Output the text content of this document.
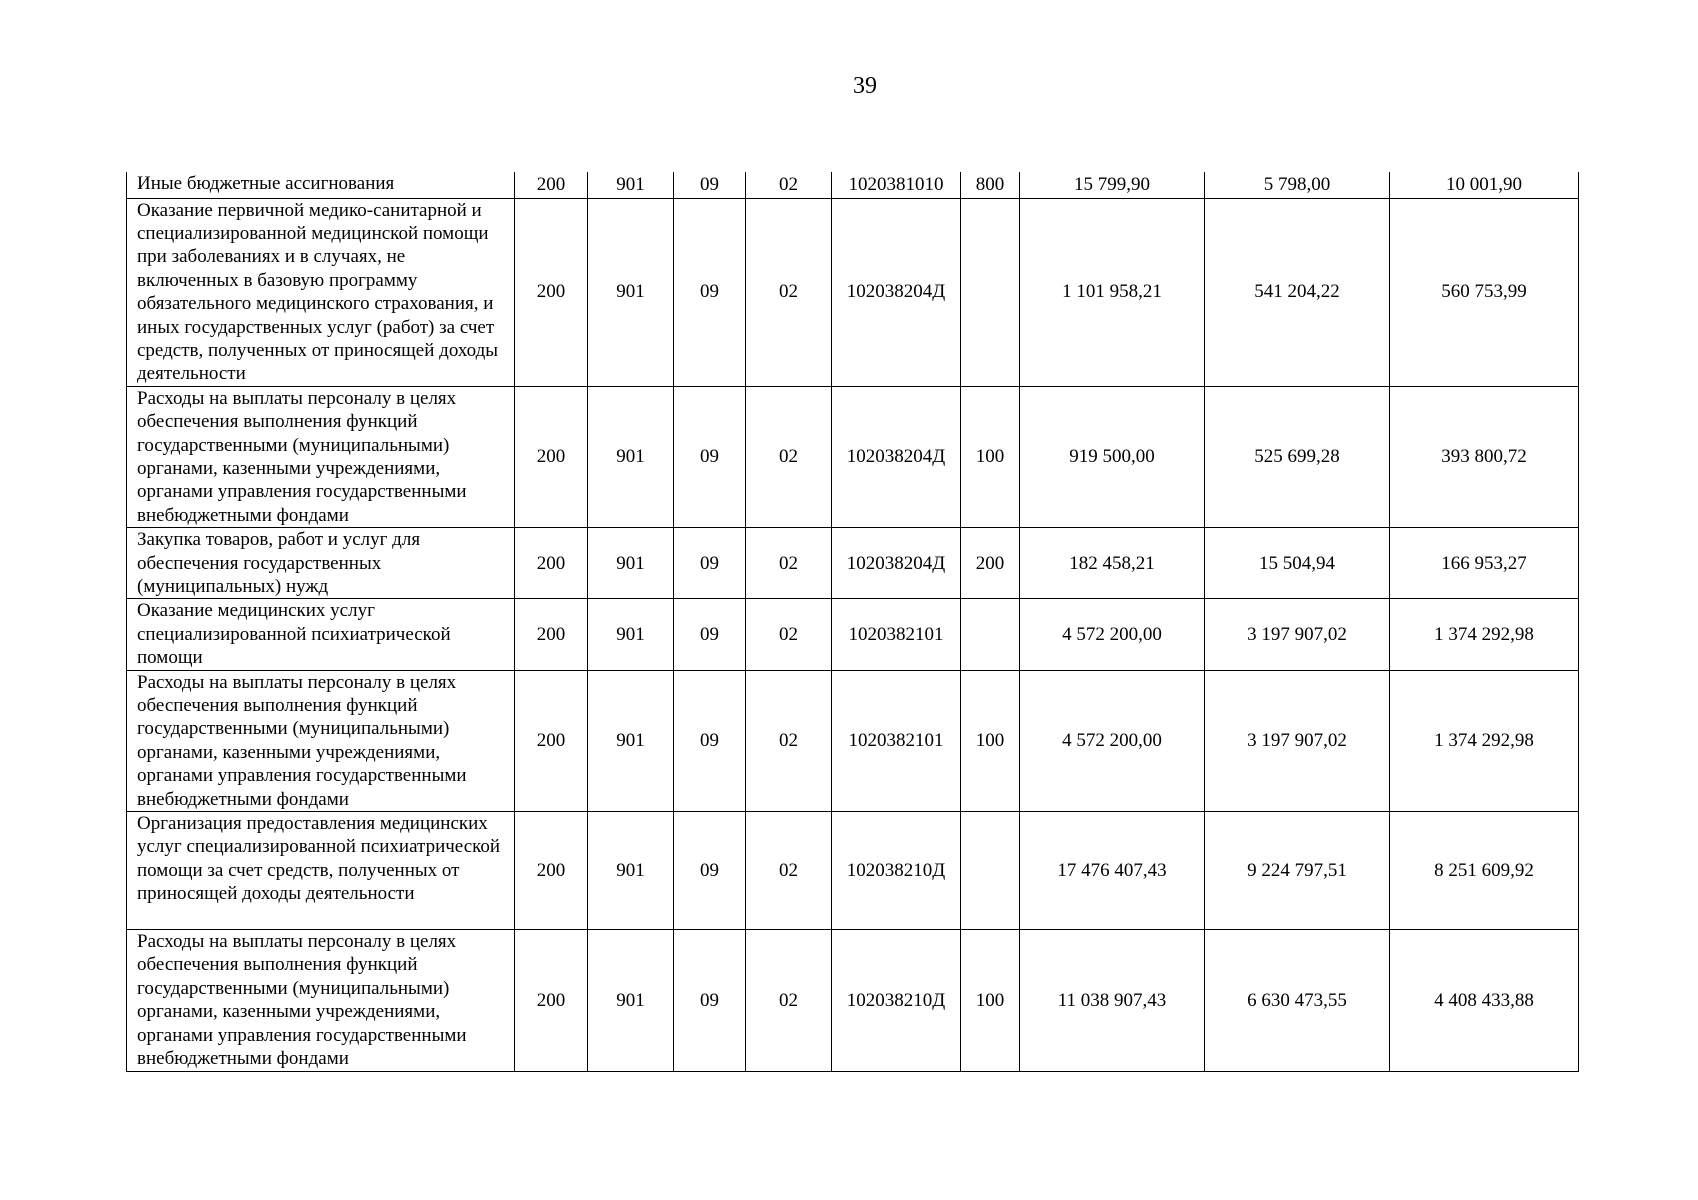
39
Иные бюджетные ассигнования	200	901	09	02	1020381010	800	15 799,90	5 798,00	10 001,90
Оказание первичной медико-санитарной и специализированной медицинской помощи при заболеваниях и в случаях, не включенных в базовую программу обязательного медицинского страхования, и иных государственных услуг (работ) за счет средств, полученных от приносящей доходы деятельности	200	901	09	02	102038204Д		1 101 958,21	541 204,22	560 753,99
Расходы на выплаты персоналу в целях обеспечения выполнения функций государственными (муниципальными) органами, казенными учреждениями, органами управления государственными внебюджетными фондами	200	901	09	02	102038204Д	100	919 500,00	525 699,28	393 800,72
Закупка товаров, работ и услуг для обеспечения государственных (муниципальных) нужд	200	901	09	02	102038204Д	200	182 458,21	15 504,94	166 953,27
Оказание медицинских услуг специализированной психиатрической помощи	200	901	09	02	1020382101		4 572 200,00	3 197 907,02	1 374 292,98
Расходы на выплаты персоналу в целях обеспечения выполнения функций государственными (муниципальными) органами, казенными учреждениями, органами управления государственными внебюджетными фондами	200	901	09	02	1020382101	100	4 572 200,00	3 197 907,02	1 374 292,98
Организация предоставления медицинских услуг специализированной психиатрической помощи за счет средств, полученных от приносящей доходы деятельности	200	901	09	02	102038210Д		17 476 407,43	9 224 797,51	8 251 609,92
Расходы на выплаты персоналу в целях обеспечения выполнения функций государственными (муниципальными) органами, казенными учреждениями, органами управления государственными внебюджетными фондами	200	901	09	02	102038210Д	100	11 038 907,43	6 630 473,55	4 408 433,88
